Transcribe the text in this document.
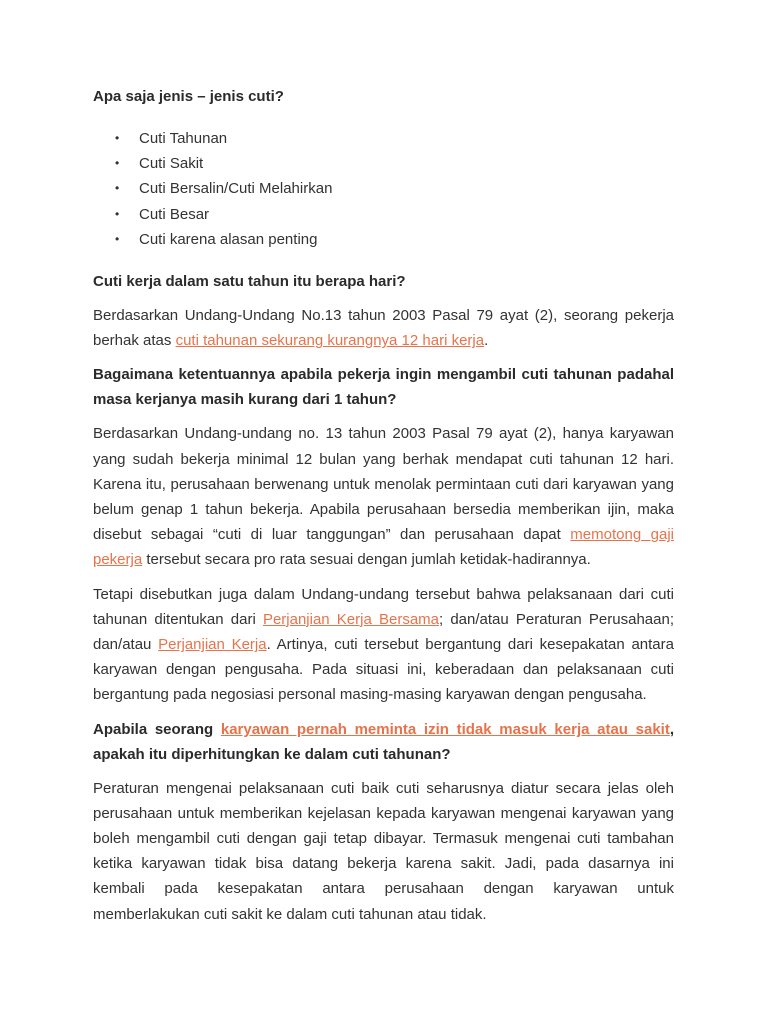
Apa saja jenis – jenis cuti?

• Cuti Tahunan
• Cuti Sakit
• Cuti Bersalin/Cuti Melahirkan
• Cuti Besar
• Cuti karena alasan penting

Cuti kerja dalam satu tahun itu berapa hari?

Berdasarkan Undang-Undang No.13 tahun 2003 Pasal 79 ayat (2), seorang pekerja berhak atas cuti tahunan sekurang kurangnya 12 hari kerja.

Bagaimana ketentuannya apabila pekerja ingin mengambil cuti tahunan padahal masa kerjanya masih kurang dari 1 tahun?

Berdasarkan Undang-undang no. 13 tahun 2003 Pasal 79 ayat (2), hanya karyawan yang sudah bekerja minimal 12 bulan yang berhak mendapat cuti tahunan 12 hari. Karena itu, perusahaan berwenang untuk menolak permintaan cuti dari karyawan yang belum genap 1 tahun bekerja. Apabila perusahaan bersedia memberikan ijin, maka disebut sebagai “cuti di luar tanggungan” dan perusahaan dapat memotong gaji pekerja tersebut secara pro rata sesuai dengan jumlah ketidak-hadirannya.

Tetapi disebutkan juga dalam Undang-undang tersebut bahwa pelaksanaan dari cuti tahunan ditentukan dari Perjanjian Kerja Bersama; dan/atau Peraturan Perusahaan; dan/atau Perjanjian Kerja. Artinya, cuti tersebut bergantung dari kesepakatan antara karyawan dengan pengusaha. Pada situasi ini, keberadaan dan pelaksanaan cuti bergantung pada negosiasi personal masing-masing karyawan dengan pengusaha.

Apabila seorang karyawan pernah meminta izin tidak masuk kerja atau sakit, apakah itu diperhitungkan ke dalam cuti tahunan?

Peraturan mengenai pelaksanaan cuti baik cuti seharusnya diatur secara jelas oleh perusahaan untuk memberikan kejelasan kepada karyawan mengenai karyawan yang boleh mengambil cuti dengan gaji tetap dibayar. Termasuk mengenai cuti tambahan ketika karyawan tidak bisa datang bekerja karena sakit. Jadi, pada dasarnya ini kembali pada kesepakatan antara perusahaan dengan karyawan untuk memberlakukan cuti sakit ke dalam cuti tahunan atau tidak.
